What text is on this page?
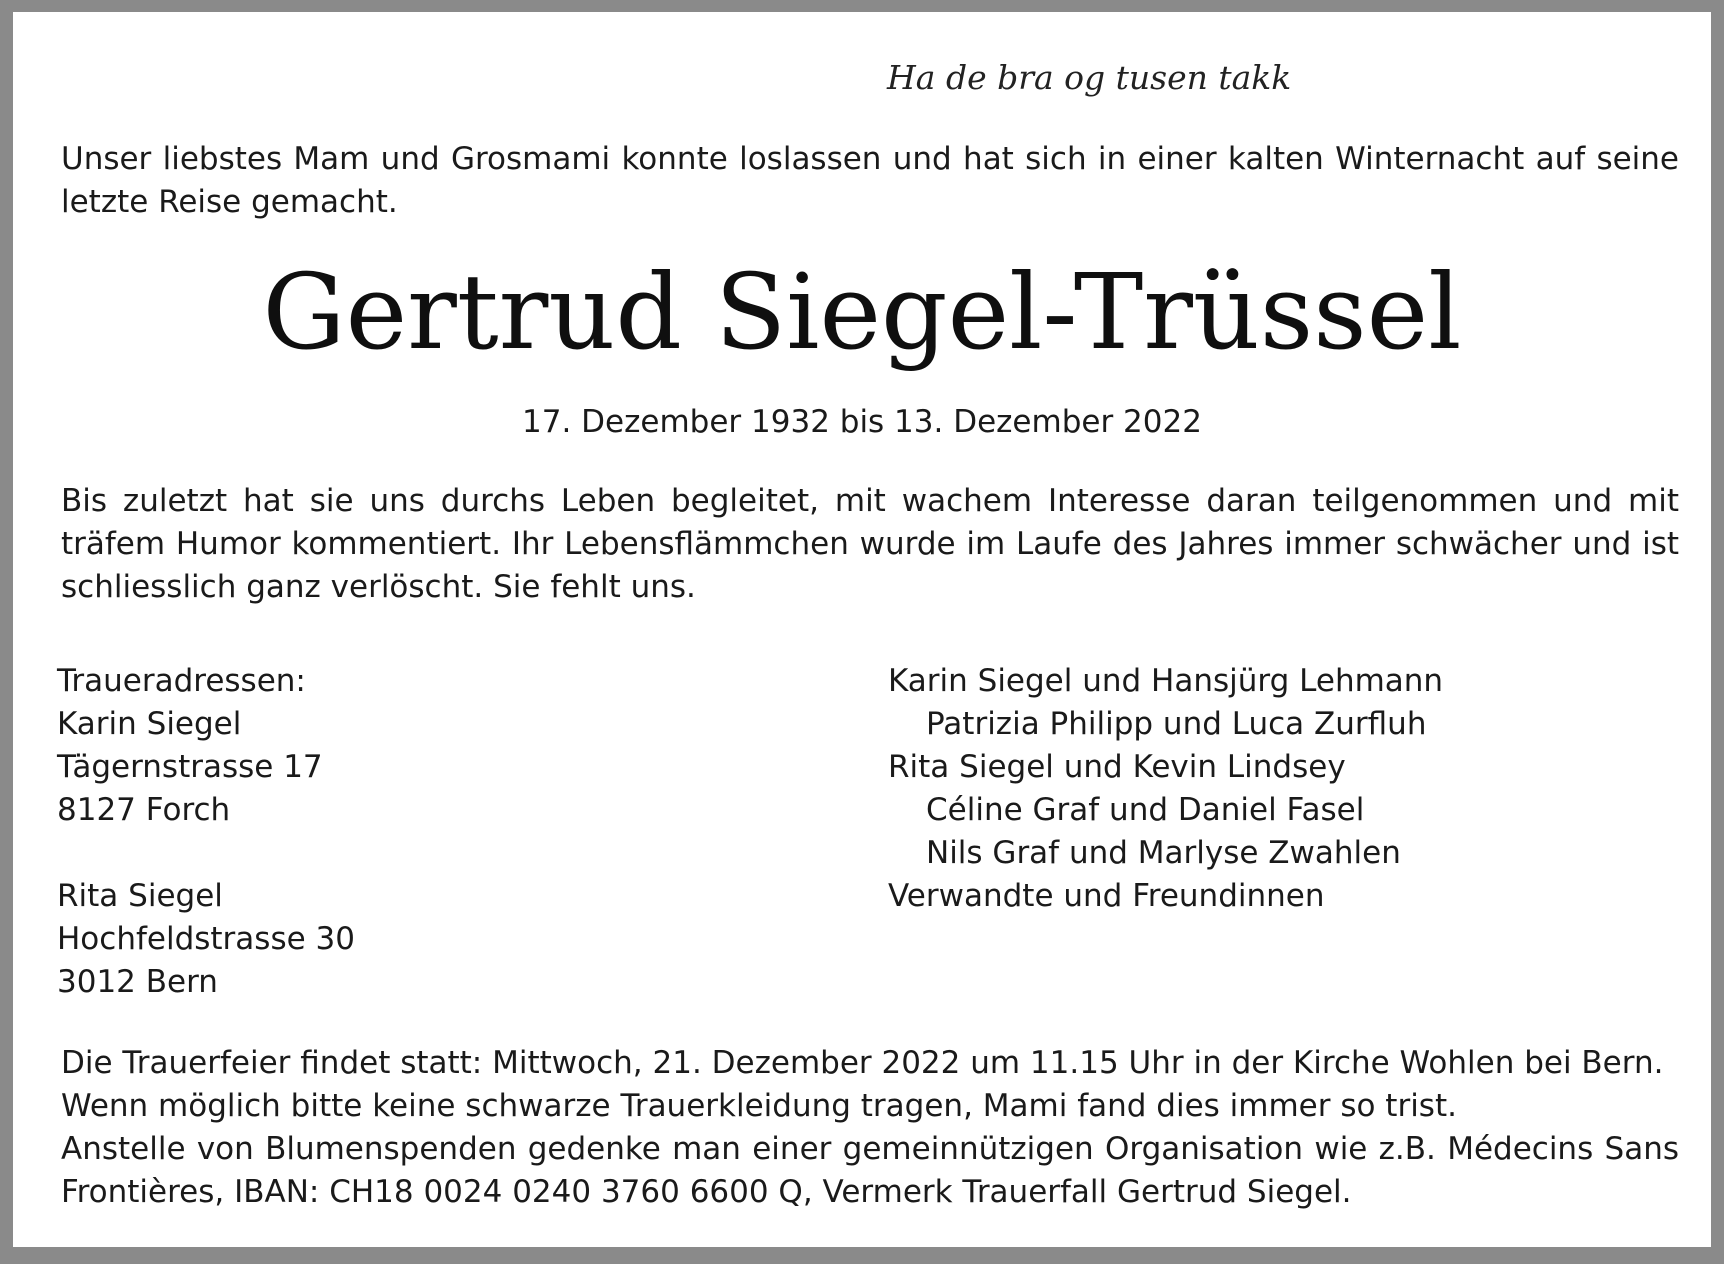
Ha de bra og tusen takk
Unser liebstes Mam und Grosmami konnte loslassen und hat sich in einer kalten Winternacht auf seine letzte Reise gemacht.
Gertrud Siegel-Trüssel
17. Dezember 1932 bis 13. Dezember 2022
Bis zuletzt hat sie uns durchs Leben begleitet, mit wachem Interesse daran teilgenommen und mit träfem Humor kommentiert. Ihr Lebensflämmchen wurde im Laufe des Jahres immer schwächer und ist schliesslich ganz verlöscht. Sie fehlt uns.
Traueradressen:
Karin Siegel
Tägernstrasse 17
8127 Forch
Rita Siegel
Hochfeldstrasse 30
3012 Bern
Karin Siegel und Hansjürg Lehmann
Patrizia Philipp und Luca Zurfluh
Rita Siegel und Kevin Lindsey
Céline Graf und Daniel Fasel
Nils Graf und Marlyse Zwahlen
Verwandte und Freundinnen
Die Trauerfeier findet statt: Mittwoch, 21. Dezember 2022 um 11.15 Uhr in der Kirche Wohlen bei Bern.
Wenn möglich bitte keine schwarze Trauerkleidung tragen, Mami fand dies immer so trist.
Anstelle von Blumenspenden gedenke man einer gemeinnützigen Organisation wie z.B. Médecins Sans Frontières, IBAN: CH18 0024 0240 3760 6600 Q, Vermerk Trauerfall Gertrud Siegel.
